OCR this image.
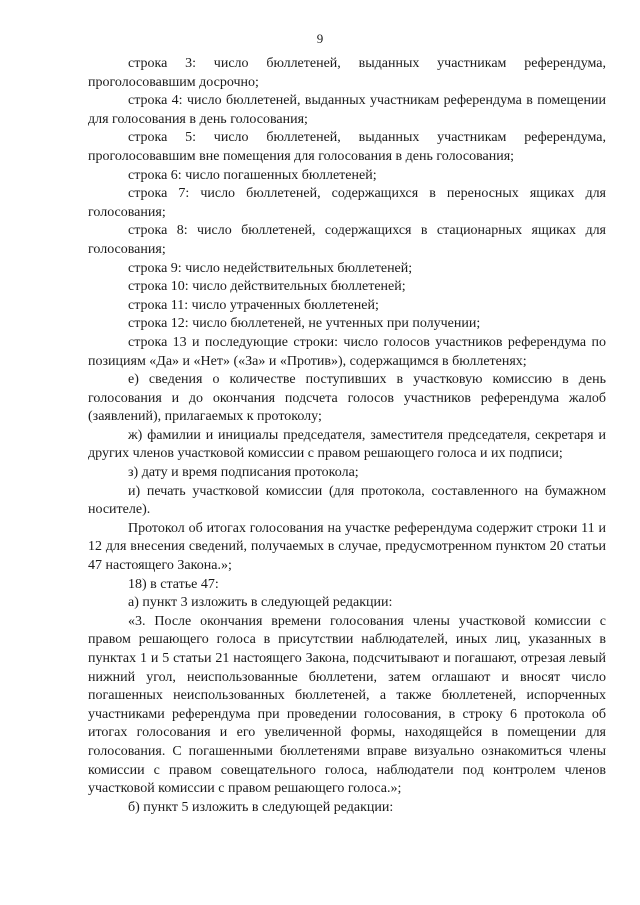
9

строка 3: число бюллетеней, выданных участникам референдума, проголосовавшим досрочно;

строка 4: число бюллетеней, выданных участникам референдума в помещении для голосования в день голосования;

строка 5: число бюллетеней, выданных участникам референдума, проголосовавшим вне помещения для голосования в день голосования;

строка 6: число погашенных бюллетеней;

строка 7: число бюллетеней, содержащихся в переносных ящиках для голосования;

строка 8: число бюллетеней, содержащихся в стационарных ящиках для голосования;

строка 9: число недействительных бюллетеней;

строка 10: число действительных бюллетеней;

строка 11: число утраченных бюллетеней;

строка 12: число бюллетеней, не учтенных при получении;

строка 13 и последующие строки: число голосов участников референдума по позициям «Да» и «Нет» («За» и «Против»), содержащимся в бюллетенях;

е) сведения о количестве поступивших в участковую комиссию в день голосования и до окончания подсчета голосов участников референдума жалоб (заявлений), прилагаемых к протоколу;

ж) фамилии и инициалы председателя, заместителя председателя, секретаря и других членов участковой комиссии с правом решающего голоса и их подписи;

з) дату и время подписания протокола;

и) печать участковой комиссии (для протокола, составленного на бумажном носителе).

Протокол об итогах голосования на участке референдума содержит строки 11 и 12 для внесения сведений, получаемых в случае, предусмотренном пунктом 20 статьи 47 настоящего Закона.»;

18) в статье 47:

а) пункт 3 изложить в следующей редакции:

«3. После окончания времени голосования члены участковой комиссии с правом решающего голоса в присутствии наблюдателей, иных лиц, указанных в пунктах 1 и 5 статьи 21 настоящего Закона, подсчитывают и погашают, отрезая левый нижний угол, неиспользованные бюллетени, затем оглашают и вносят число погашенных неиспользованных бюллетеней, а также бюллетеней, испорченных участниками референдума при проведении голосования, в строку 6 протокола об итогах голосования и его увеличенной формы, находящейся в помещении для голосования. С погашенными бюллетенями вправе визуально ознакомиться члены комиссии с правом совещательного голоса, наблюдатели под контролем членов участковой комиссии с правом решающего голоса.»;

б) пункт 5 изложить в следующей редакции:
